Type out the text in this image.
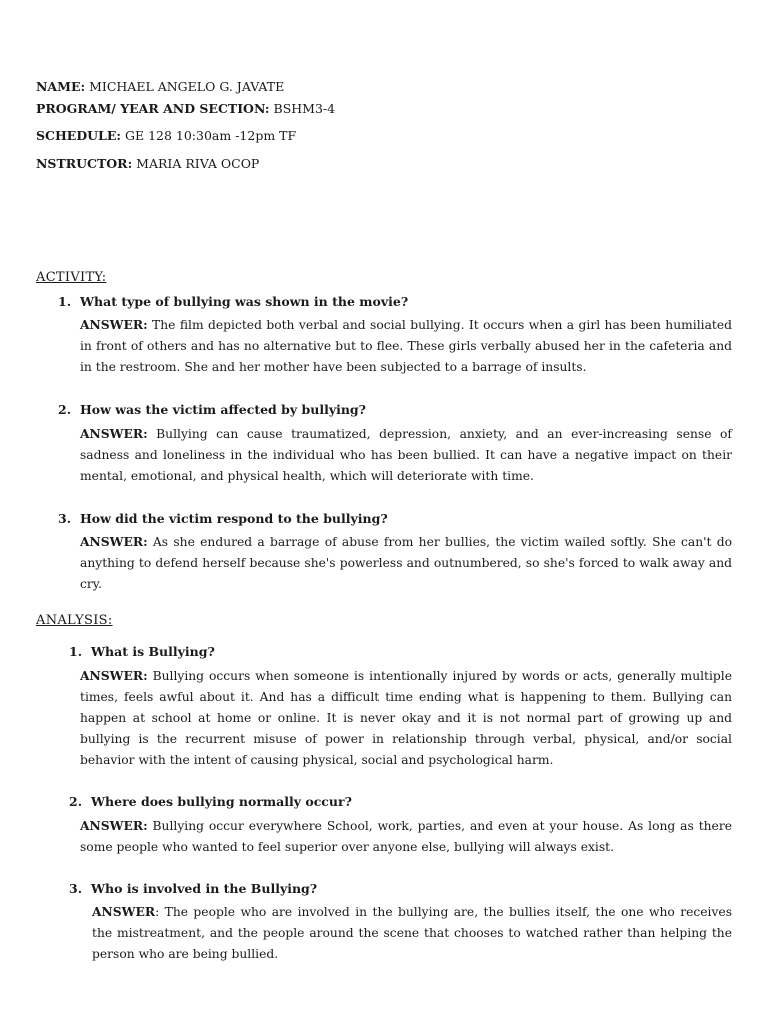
NAME: MICHAEL ANGELO G. JAVATE
PROGRAM/ YEAR AND SECTION: BSHM3-4
SCHEDULE: GE 128 10:30am -12pm TF
NSTRUCTOR: MARIA RIVA OCOP
ACTIVITY:
1. What type of bullying was shown in the movie?
ANSWER: The film depicted both verbal and social bullying. It occurs when a girl has been humiliated in front of others and has no alternative but to flee. These girls verbally abused her in the cafeteria and in the restroom. She and her mother have been subjected to a barrage of insults.
2. How was the victim affected by bullying?
ANSWER: Bullying can cause traumatized, depression, anxiety, and an ever-increasing sense of sadness and loneliness in the individual who has been bullied. It can have a negative impact on their mental, emotional, and physical health, which will deteriorate with time.
3. How did the victim respond to the bullying?
ANSWER: As she endured a barrage of abuse from her bullies, the victim wailed softly. She can't do anything to defend herself because she's powerless and outnumbered, so she's forced to walk away and cry.
ANALYSIS:
1. What is Bullying?
ANSWER: Bullying occurs when someone is intentionally injured by words or acts, generally multiple times, feels awful about it. And has a difficult time ending what is happening to them. Bullying can happen at school at home or online. It is never okay and it is not normal part of growing up and bullying is the recurrent misuse of power in relationship through verbal, physical, and/or social behavior with the intent of causing physical, social and psychological harm.
2. Where does bullying normally occur?
ANSWER: Bullying occur everywhere School, work, parties, and even at your house. As long as there some people who wanted to feel superior over anyone else, bullying will always exist.
3. Who is involved in the Bullying?
ANSWER: The people who are involved in the bullying are, the bullies itself, the one who receives the mistreatment, and the people around the scene that chooses to watched rather than helping the person who are being bullied.
